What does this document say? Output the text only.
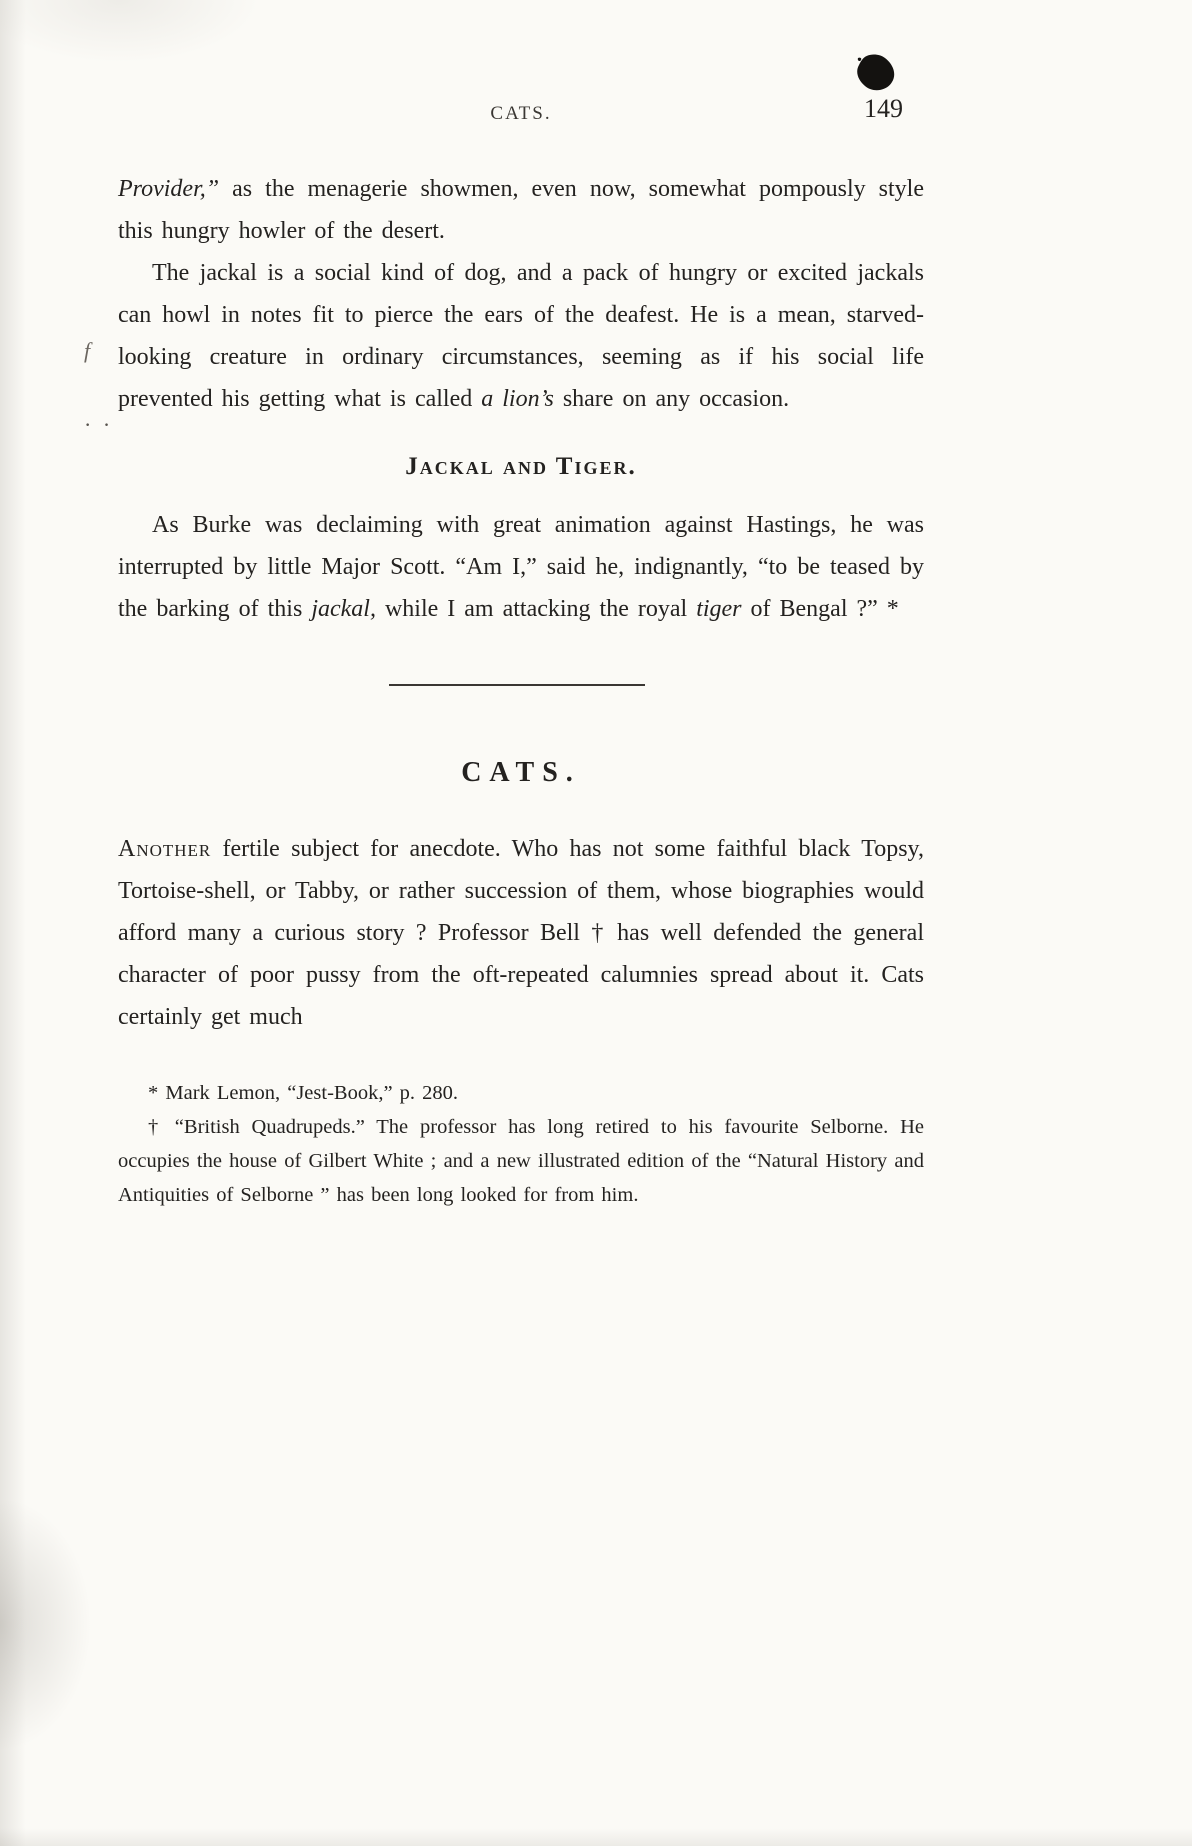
CATS.	149
f
· ·

Provider,” as the menagerie showmen, even now, somewhat pompously style this hungry howler of the desert.

The jackal is a social kind of dog, and a pack of hungry or excited jackals can howl in notes fit to pierce the ears of the deafest. He is a mean, starved-looking creature in ordinary circumstances, seeming as if his social life prevented his getting what is called a lion’s share on any occasion.

Jackal and Tiger.

As Burke was declaiming with great animation against Hastings, he was interrupted by little Major Scott. “Am I,” said he, indignantly, “to be teased by the barking of this jackal, while I am attacking the royal tiger of Bengal ?” *

CATS.

Another fertile subject for anecdote. Who has not some faithful black Topsy, Tortoise-shell, or Tabby, or rather succession of them, whose biographies would afford many a curious story ? Professor Bell † has well defended the general character of poor pussy from the oft-repeated calumnies spread about it. Cats certainly get much

* Mark Lemon, “Jest-Book,” p. 280.

† “British Quadrupeds.” The professor has long retired to his favourite Selborne. He occupies the house of Gilbert White ; and a new illustrated edition of the “Natural History and Antiquities of Selborne ” has been long looked for from him.
